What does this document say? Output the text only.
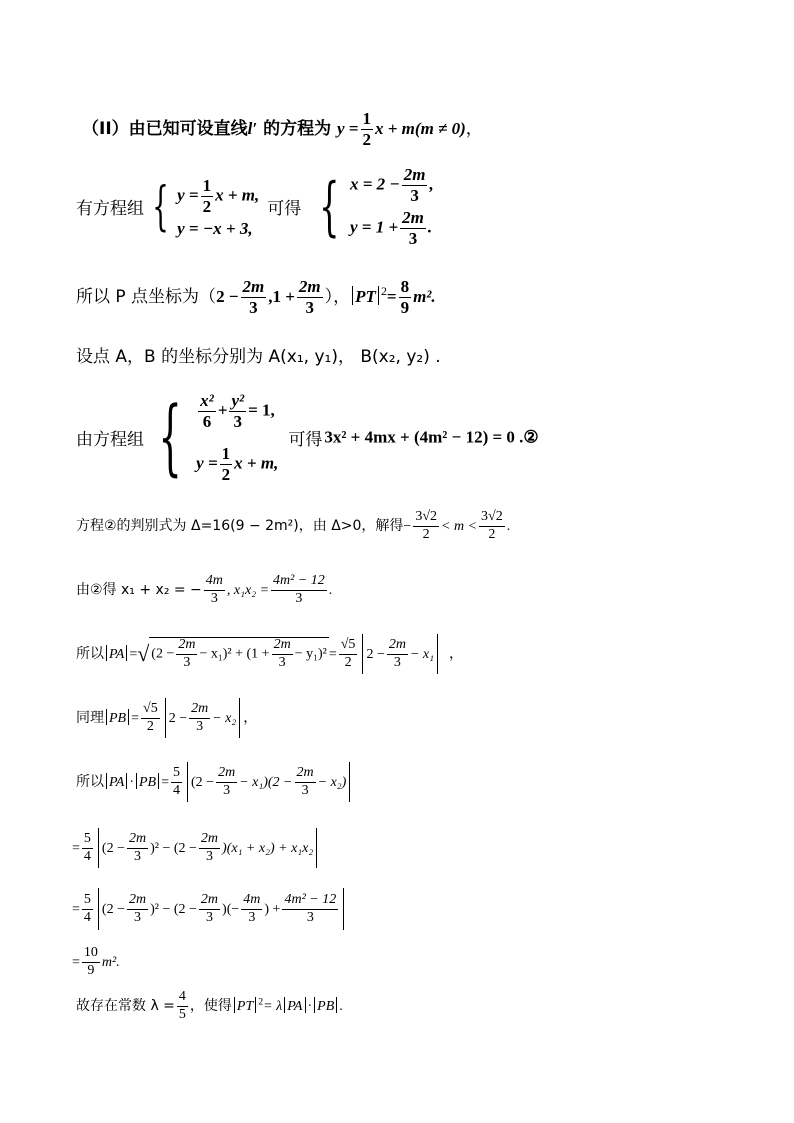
（II）由已知可设直线l′ 的方程为 $y = \frac{1}{2}$ x + m(m ≠ 0)，
有方程组 { $y = \frac{1}{2}$ x + m,
y = −x + 3,
可得 { $x = 2 - \frac{2m}{3}$ ,
$y = 1 + \frac{2m}{3}$ .
所以 P 点坐标为（$2 - \frac{2m}{3} ,1 + \frac{2m}{3}$ ）， PT $^2= \frac{8}{9} m^2$.
设点 A，B 的坐标分别为 A(x₁, y₁)， B(x₂, y₂) .
由方程组 { $\frac{\text{x²}}{6} + \frac{\text{y²}}{3} = 1$,
$y = \frac{1}{2}$ x + m,
可得 3x² + 4mx + (4m² − 12) = 0 .②
方程②的判别式为 Δ=16(9 − 2m²)，由 Δ>0，解得− $\frac{3√2}{2} < m < \frac{3√2}{2}$ .
由②得 x₁ + x₂ = − $\frac{4m}{3}$ , $x_1x_2 = \frac{\text{4m² − 12}}{3}$ .
所以 PA =√ $(2 - \frac{2m}{3} - x_1)^2 + (1 + \frac{2m}{3} - y_1)^2 = \frac{√5}{2} 2 - \frac{2m}{3} - x_1$ ，
同理 PB = $\frac{√5}{2} 2 - \frac{2m}{3} - x_2$ ，
所以 PA · PB = $\frac{5}{4} (2 - \frac{2m}{3} - x_1)(2 - \frac{2m}{3} - x_2)$
= $\frac{5}{4} (2 - \frac{2m}{3} )^2 - (2 - \frac{2m}{3} )(x_1 + x_2) + x_1x_2$
= $\frac{5}{4} (2 - \frac{2m}{3} )^2 - (2 - \frac{2m}{3}$ )(− $\frac{4m}{3}$ ) + $\frac{\text{4m² − 12}}{3}$
= $\frac{10}{9} m^2$.
故存在常数 $\lambda = \frac{4}{5}$ ，使得 PT $^2$= λ PA · PB .
